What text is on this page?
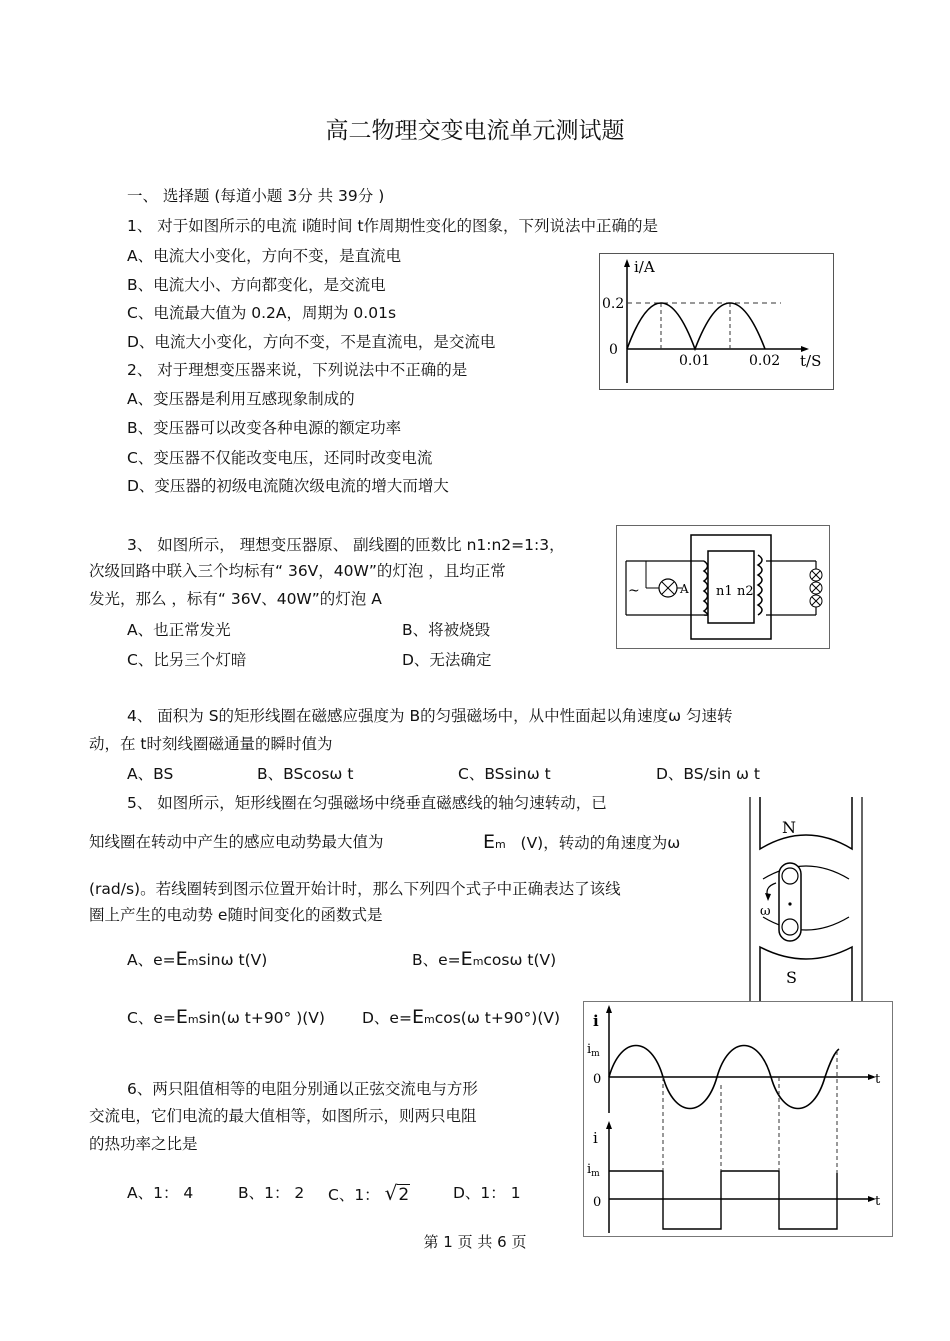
高二物理交变电流单元测试题
一、 选择题 (每道小题 3分 共 39分 )
1、 对于如图所示的电流 i随时间 t作周期性变化的图象，下列说法中正确的是
A、电流大小变化，方向不变，是直流电
B、电流大小、方向都变化，是交流电
C、电流最大值为 0.2A，周期为 0.01s
D、电流大小变化，方向不变，不是直流电，是交流电
i/A
t/S
0.2
0
0.01	0.02
2、 对于理想变压器来说，下列说法中不正确的是
A、变压器是利用互感现象制成的
B、变压器可以改变各种电源的额定功率
C、变压器不仅能改变电压，还同时改变电流
D、变压器的初级电流随次级电流的增大而增大
3、 如图所示， 理想变压器原、 副线圈的匝数比 n1:n2=1:3，
次级回路中联入三个均标有“ 36V，40W”的灯泡 ，且均正常
发光，那么 ，标有“ 36V、40W”的灯泡 A
A、也正常发光	B、将被烧毁
C、比另三个灯暗	D、无法确定
~	A n1 n2
4、 面积为 S的矩形线圈在磁感应强度为 B的匀强磁场中，从中性面起以角速度ω 匀速转
动，在 t时刻线圈磁通量的瞬时值为
A、BS	B、BScosω t	C、BSsinω t	D、BS/sin ω t
5、 如图所示，矩形线圈在匀强磁场中绕垂直磁感线的轴匀速转动，已
知线圈在转动中产生的感应电动势最大值为	Em (V)，转动的角速度为ω
(rad/s)。若线圈转到图示位置开始计时，那么下列四个式子中正确表达了该线
圈上产生的电动势 e随时间变化的函数式是
A、e=Emsinω t(V)	B、e=Emcosω t(V)
C、e=Emsin(ω t+90° )(V) D、e=Emcos(ω t+90°)(V)
N
S
ω
6、两只阻值相等的电阻分别通以正弦交流电与方形
交流电，它们电流的最大值相等，如图所示，则两只电阻
的热功率之比是
A、1： 4	B、1： 2 C、1： √2	D、1： 1
i
$i_m$
0	t
i
$i_m$
0	t
第 1 页 共 6 页
